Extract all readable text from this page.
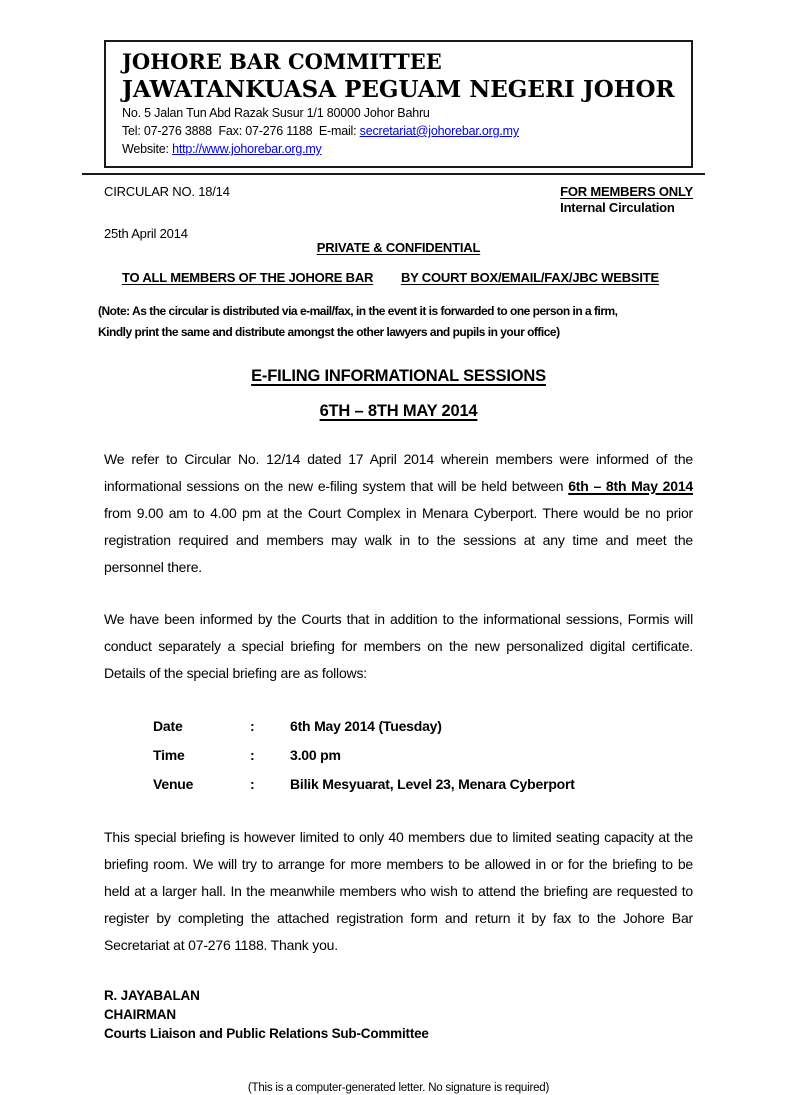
JOHORE BAR COMMITTEE
JAWATANKUASA PEGUAM NEGERI JOHOR
No. 5 Jalan Tun Abd Razak Susur 1/1 80000 Johor Bahru
Tel: 07-276 3888  Fax: 07-276 1188  E-mail: secretariat@johorebar.org.my
Website: http://www.johorebar.org.my
CIRCULAR NO. 18/14	FOR MEMBERS ONLY
Internal Circulation
25th April 2014
PRIVATE & CONFIDENTIAL
TO ALL MEMBERS OF THE JOHORE BAR BY COURT BOX/EMAIL/FAX/JBC WEBSITE
(Note: As the circular is distributed via e-mail/fax, in the event it is forwarded to one person in a firm,
Kindly print the same and distribute amongst the other lawyers and pupils in your office)
E-FILING INFORMATIONAL SESSIONS
6TH – 8TH MAY 2014

We refer to Circular No. 12/14 dated 17 April 2014 wherein members were informed of the informational sessions on the new e-filing system that will be held between 6th – 8th May 2014 from 9.00 am to 4.00 pm at the Court Complex in Menara Cyberport. There would be no prior registration required and members may walk in to the sessions at any time and meet the personnel there.

We have been informed by the Courts that in addition to the informational sessions, Formis will conduct separately a special briefing for members on the new personalized digital certificate. Details of the special briefing are as follows:

Date	:	6th May 2014 (Tuesday)
Time	:	3.00 pm
Venue	:	Bilik Mesyuarat, Level 23, Menara Cyberport

This special briefing is however limited to only 40 members due to limited seating capacity at the briefing room. We will try to arrange for more members to be allowed in or for the briefing to be held at a larger hall. In the meanwhile members who wish to attend the briefing are requested to register by completing the attached registration form and return it by fax to the Johore Bar Secretariat at 07-276 1188. Thank you.

R. JAYABALAN
CHAIRMAN
Courts Liaison and Public Relations Sub-Committee
(This is a computer-generated letter. No signature is required)
